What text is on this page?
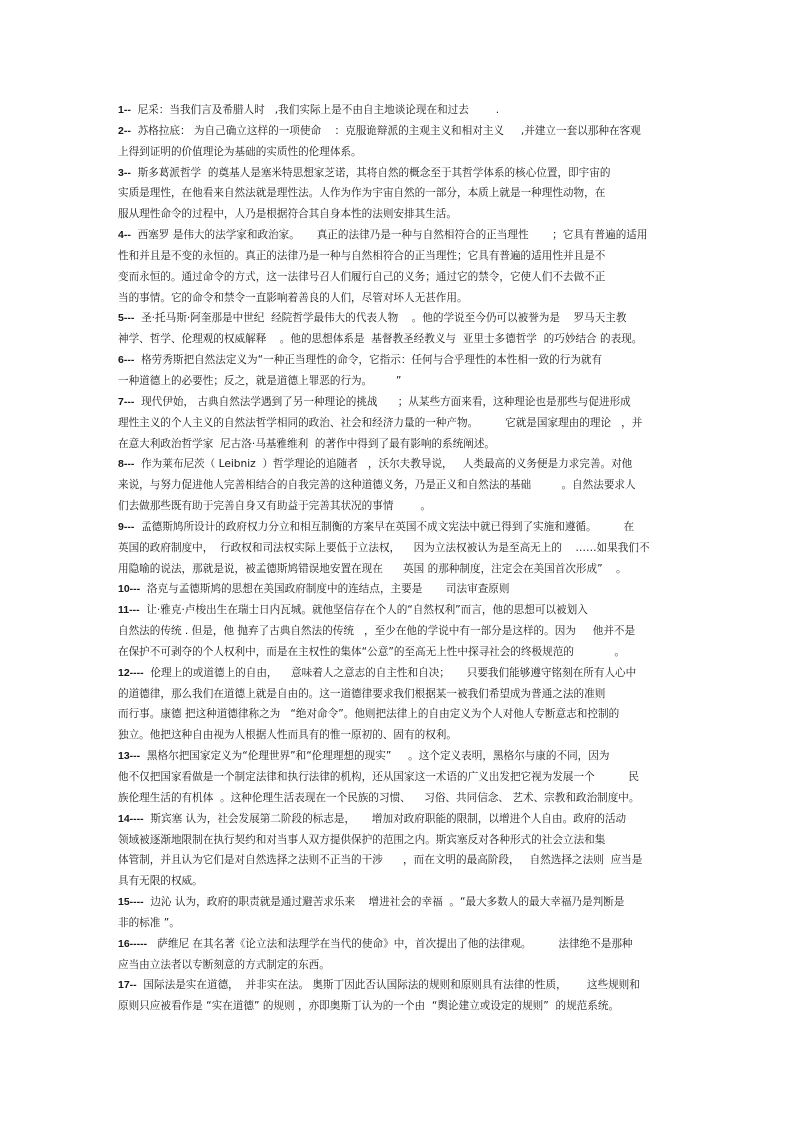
1--  尼采：当我们言及希腊人时   ,我们实际上是不由自主地谈论现在和过去        .
2--  苏格拉底： 为自己确立这样的一项使命    ：克服诡辩派的主观主义和相对主义     ,并建立一套以那种在客观
上得到证明的价值理论为基础的实质性的伦理体系。
3--  斯多葛派哲学  的奠基人是塞米特思想家芝诺，其将自然的概念至于其哲学体系的核心位置，即宇宙的
实质是理性，在他看来自然法就是理性法。人作为作为宇宙自然的一部分，本质上就是一种理性动物，在
服从理性命令的过程中，人乃是根据符合其自身本性的法则安排其生活。
4--  西塞罗 是伟大的法学家和政治家。     真正的法律乃是一种与自然相符合的正当理性       ；它具有普遍的适用
性和并且是不变的永恒的。真正的法律乃是一种与自然相符合的正当理性；它具有普遍的适用性并且是不
变而永恒的。通过命令的方式，这一法律号召人们履行自己的义务；通过它的禁令，它使人们不去做不正
当的事情。它的命令和禁令一直影响着善良的人们，尽管对坏人无甚作用。
5---  圣·托马斯·阿奎那是中世纪  经院哲学最伟大的代表人物    。他的学说至今仍可以被誉为是    罗马天主教
神学、哲学、伦理观的权威解释    。他的思想体系是  基督教圣经教义与  亚里士多德哲学  的巧妙结合 的表现。
6---  格劳秀斯把自然法定义为“一种正当理性的命令，它指示：任何与合乎理性的本性相一致的行为就有
一种道德上的必要性；反之，就是道德上罪恶的行为。       ”
7---  现代伊始， 古典自然法学遇到了另一种理论的挑战      ；从某些方面来看，这种理论也是那些与促进形成
理性主义的个人主义的自然法哲学相同的政治、社会和经济力量的一种产物。        它就是国家理由的理论   ，并
在意大利政治哲学家  尼古洛·马基雅维利  的著作中得到了最有影响的系统阐述。
8---  作为莱布尼茨（ Leibniz  ）哲学理论的追随者   ，沃尔夫教导说，   人类最高的义务便是力求完善。对他
来说，与努力促进他人完善相结合的自我完善的这种道德义务，乃是正义和自然法的基础         。自然法要求人
们去做那些既有助于完善自身又有助益于完善其状况的事情        。
9---  孟德斯鸠所设计的政府权力分立和相互制衡的方案早在英国不成文宪法中就已得到了实施和遵循。        在
英国的政府制度中，  行政权和司法权实际上要低于立法权，    因为立法权被认为是至高无上的    ……如果我们不
用隐喻的说法，那就是说，被孟德斯鸠错误地安置在现在      英国 的那种制度，注定会在美国首次形成”    。
10---  洛克与孟德斯鸠的思想在美国政府制度中的连结点，主要是       司法审查原则
11---  让·雅克·卢梭出生在瑞士日内瓦城。就他坚信存在个人的“自然权利”而言，他的思想可以被划入
自然法的传统 . 但是，他 抛弃了古典自然法的传统   ，至少在他的学说中有一部分是这样的。因为     他并不是
在保护不可剥夺的个人权利中，而是在主权性的集体“公意”的至高无上性中探寻社会的终极规范的            。
12----  伦理上的或道德上的自由，    意味着人之意志的自主性和自决；     只要我们能够遵守铭刻在所有人心中
的道德律，那么我们在道德上就是自由的。这一道德律要求我们根据某一被我们希望成为普通之法的准则
而行事。康德 把这种道德律称之为   “绝对命令”。他则把法律上的自由定义为个人对他人专断意志和控制的
独立。他把这种自由视为人根据人性而具有的惟一原初的、固有的权利。
13---  黑格尔把国家定义为“伦理世界”和“伦理理想的现实”     。这个定义表明，黑格尔与康的不同，因为
他不仅把国家看做是一个制定法律和执行法律的机构，还从国家这一术语的广义出发把它视为发展一个          民
族伦理生活的有机体  。这种伦理生活表现在一个民族的习惯、    习俗、共同信念、 艺术、宗教和政治制度中。
14----  斯宾塞 认为，社会发展第二阶段的标志是，     增加对政府职能的限制，以增进个人自由。政府的活动
领域被逐渐地限制在执行契约和对当事人双方提供保护的范围之内。斯宾塞反对各种形式的社会立法和集
体管制，并且认为它们是对自然选择之法则不正当的干涉      ，而在文明的最高阶段，   自然选择之法则  应当是
具有无限的权威。
15----  边沁 认为，政府的职责就是通过避苦求乐来    增进社会的幸福  。“最大多数人的最大幸福乃是判断是
非的标准 ”。
16-----   萨维尼 在其名著《论立法和法理学在当代的使命》中，首次提出了他的法律观。        法律绝不是那种
应当由立法者以专断刻意的方式制定的东西。
17--  国际法是实在道德，  并非实在法。 奥斯丁因此否认国际法的规则和原则具有法律的性质，      这些规则和
原则只应被看作是 “实在道德” 的规则 ，亦即奥斯丁认为的一个由  “舆论建立或设定的规则”  的规范系统。
